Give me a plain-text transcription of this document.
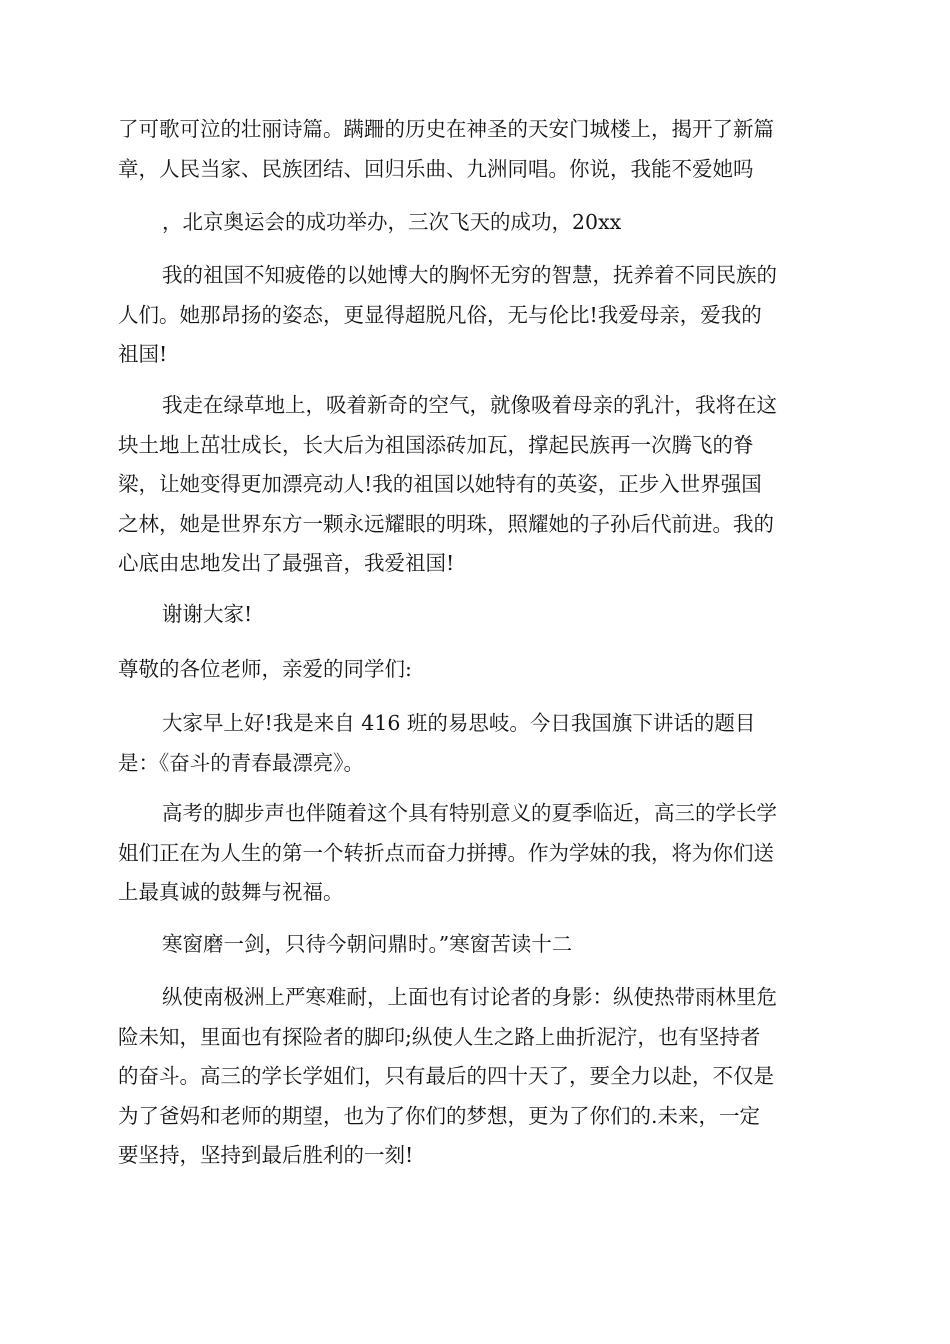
了可歌可泣的壮丽诗篇。蹒跚的历史在神圣的天安门城楼上，揭开了新篇
章，人民当家、民族团结、回归乐曲、九洲同唱。你说，我能不爱她吗
，北京奥运会的成功举办，三次飞天的成功，20xx
我的祖国不知疲倦的以她博大的胸怀无穷的智慧，抚养着不同民族的
人们。她那昂扬的姿态，更显得超脱凡俗，无与伦比!我爱母亲，爱我的
祖国!
我走在绿草地上，吸着新奇的空气，就像吸着母亲的乳汁，我将在这
块土地上茁壮成长，长大后为祖国添砖加瓦，撑起民族再一次腾飞的脊
梁，让她变得更加漂亮动人!我的祖国以她特有的英姿，正步入世界强国
之林，她是世界东方一颗永远耀眼的明珠，照耀她的子孙后代前进。我的
心底由忠地发出了最强音，我爱祖国!
谢谢大家!
尊敬的各位老师，亲爱的同学们:
大家早上好!我是来自 416 班的易思岐。今日我国旗下讲话的题目
是：《奋斗的青春最漂亮》。
高考的脚步声也伴随着这个具有特别意义的夏季临近，高三的学长学
姐们正在为人生的第一个转折点而奋力拼搏。作为学妹的我，将为你们送
上最真诚的鼓舞与祝福。
寒窗磨一剑，只待今朝问鼎时。”寒窗苦读十二
纵使南极洲上严寒难耐，上面也有讨论者的身影：纵使热带雨林里危
险未知，里面也有探险者的脚印;纵使人生之路上曲折泥泞，也有坚持者
的奋斗。高三的学长学姐们，只有最后的四十天了，要全力以赴，不仅是
为了爸妈和老师的期望，也为了你们的梦想，更为了你们的.未来，一定
要坚持，坚持到最后胜利的一刻!
